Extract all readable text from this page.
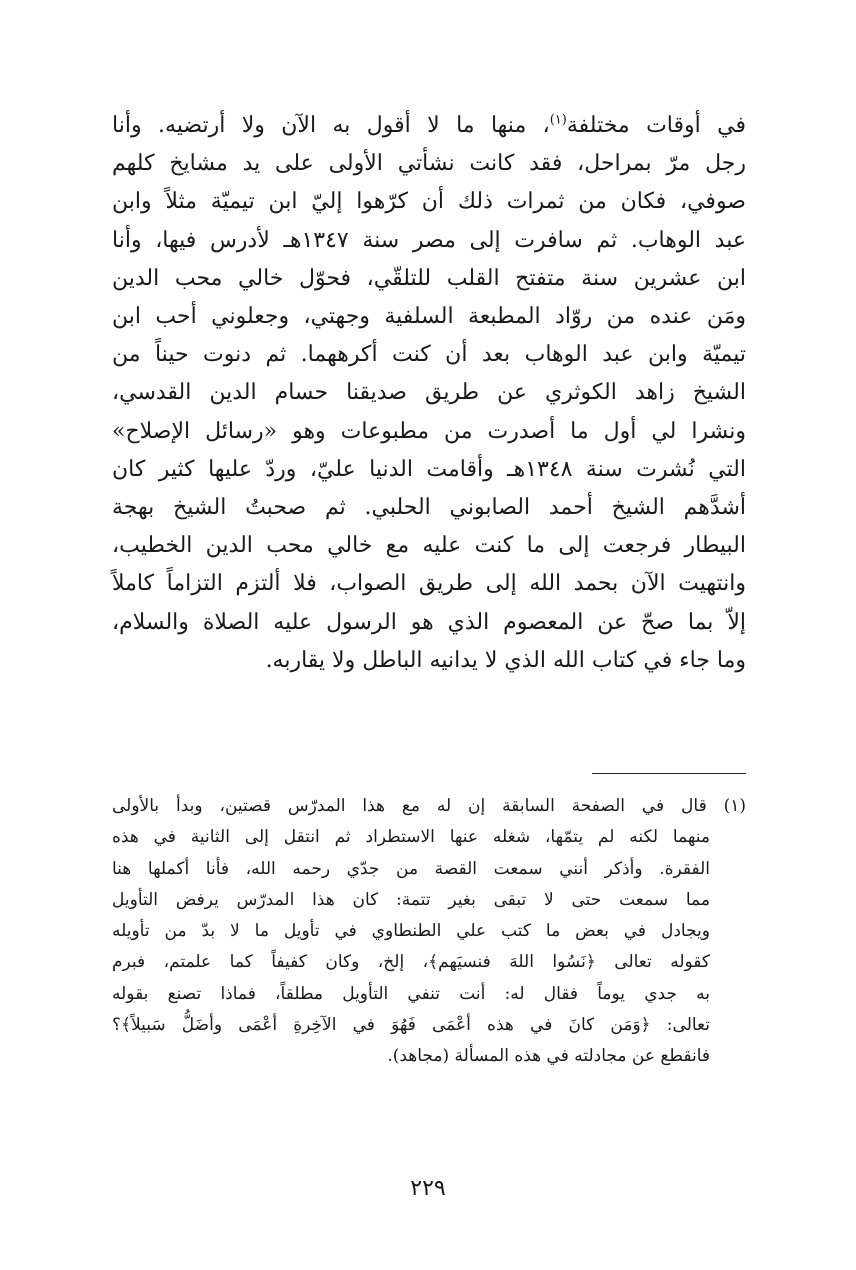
في أوقات مختلفة$^{(١)}$، منها ما لا أقول به الآن ولا أرتضيه. وأنا
رجل مرّ بمراحل، فقد كانت نشأتي الأولى على يد مشايخ كلهم
صوفي، فكان من ثمرات ذلك أن كرّهوا إليّ ابن تيميّة مثلاً وابن
عبد الوهاب. ثم سافرت إلى مصر سنة ١٣٤٧هـ لأدرس فيها، وأنا
ابن عشرين سنة متفتح القلب للتلقّي، فحوّل خالي محب الدين
ومَن عنده من روّاد المطبعة السلفية وجهتي، وجعلوني أحب ابن
تيميّة وابن عبد الوهاب بعد أن كنت أكرههما. ثم دنوت حيناً من
الشيخ زاهد الكوثري عن طريق صديقنا حسام الدين القدسي،
ونشرا لي أول ما أصدرت من مطبوعات وهو «رسائل الإصلاح»
التي نُشرت سنة ١٣٤٨هـ وأقامت الدنيا عليّ، وردّ عليها كثير كان
أشدَّهم الشيخ أحمد الصابوني الحلبي. ثم صحبتُ الشيخ بهجة
البيطار فرجعت إلى ما كنت عليه مع خالي محب الدين الخطيب،
وانتهيت الآن بحمد الله إلى طريق الصواب، فلا ألتزم التزاماً كاملاً
إلاّ بما صحّ عن المعصوم الذي هو الرسول عليه الصلاة والسلام،
وما جاء في كتاب الله الذي لا يدانيه الباطل ولا يقاربه.
(١) قال في الصفحة السابقة إن له مع هذا المدرّس قصتين، وبدأ بالأولى
منهما لكنه لم يتمّها، شغله عنها الاستطراد ثم انتقل إلى الثانية في هذه
الفقرة. وأذكر أنني سمعت القصة من جدّي رحمه الله، فأنا أكملها هنا
مما سمعت حتى لا تبقى بغير تتمة: كان هذا المدرّس يرفض التأويل
ويجادل في بعض ما كتب علي الطنطاوي في تأويل ما لا بدّ من تأويله
كقوله تعالى ﴿نَسُوا اللهَ فنسيَهم﴾، إلخ، وكان كفيفاً كما علمتم، فبرم
به جدي يوماً فقال له: أنت تنفي التأويل مطلقاً، فماذا تصنع بقوله
تعالى: ﴿وَمَن كانَ في هذه أعْمَى فَهُوَ في الآخِرةِ أعْمَى وأضَلُّ سَبيلاً﴾؟
فانقطع عن مجادلته في هذه المسألة (مجاهد).
٢٢٩
